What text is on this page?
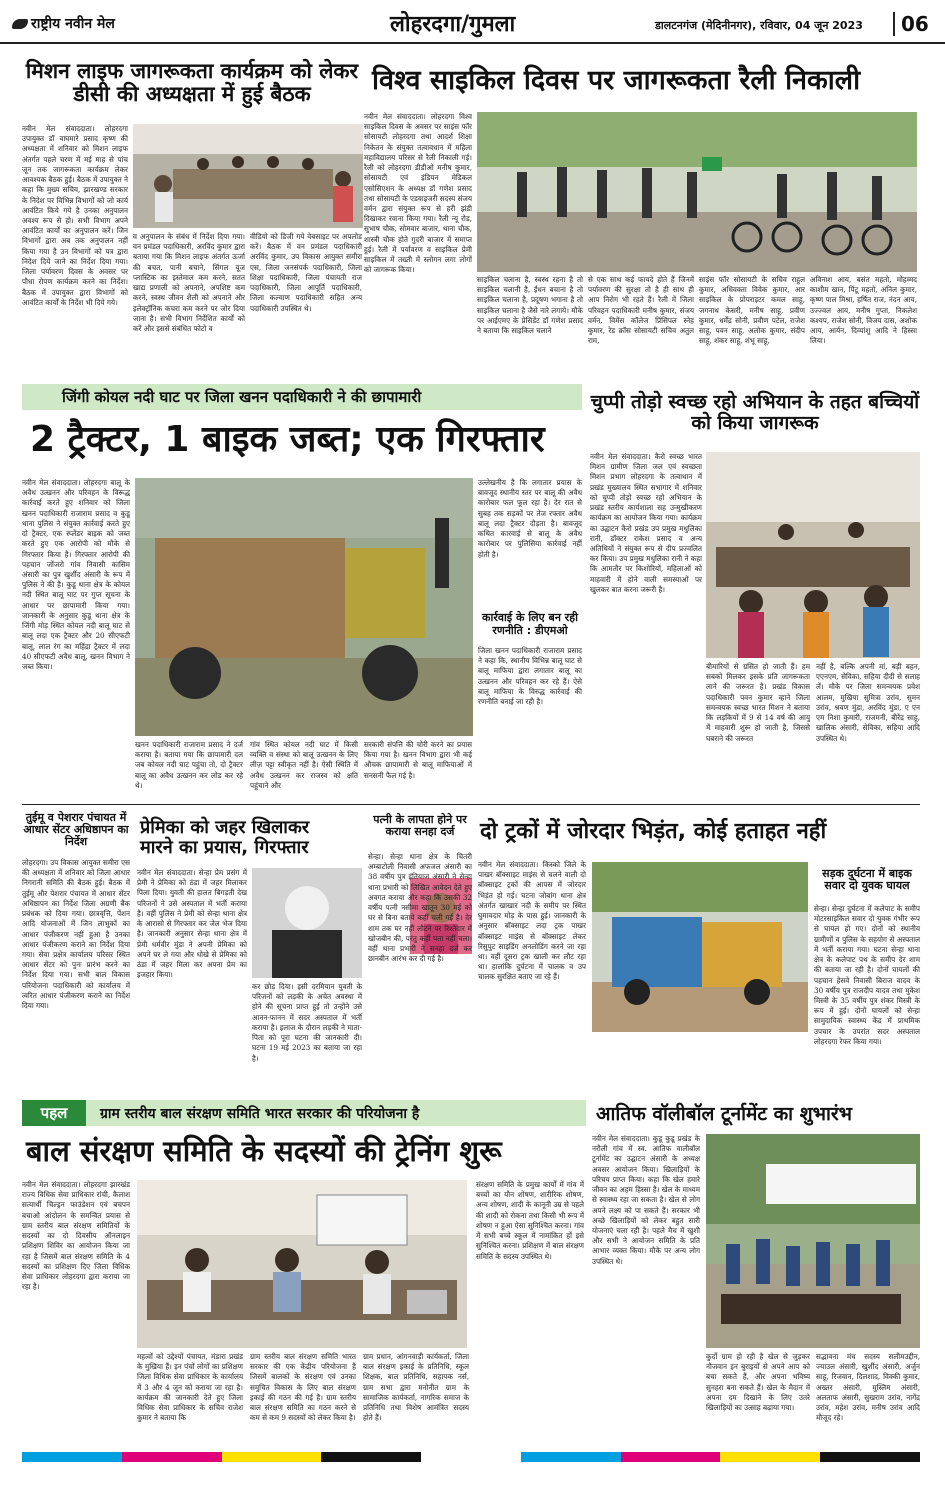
राष्ट्रीय नवीन मेल	लोहरदगा/गुमला	डालटनगंज (मेदिनीनगर), रविवार, 04 जून 2023	06
मिशन लाइफ जागरूकता कार्यक्रम को लेकर डीसी की अध्यक्षता में हुई बैठक
नवीन मेल संवाददाता। लोहरदगा उपायुक्त डॉ वाघमारे प्रसाद कृष्ण की अध्यक्षता में शनिवार को मिशन लाइफ अंतर्गत पहले चरण में मई माह से पांच जून तक जागरूकता कार्यक्रम लेकर आवश्यक बैठक हुई। बैठक में उपायुक्त ने कहा कि मुख्य सचिव, झारखण्ड सरकार के निदेश पर विभिन्न विभागों को जो कार्य आवंटित किये गये है उनका अनुपालन अवश्य रूप से हो। सभी विभाग अपने आवंटित कार्यों का अनुपालन करें। जिन विभागों द्वारा अब तक अनुपालन नहीं किया गया है उन विभागों को पत्र द्वारा निदेश दिये जाने का निर्देश दिया गया। जिला पर्यावरण दिवस के अवसर पर पौधा रोपण कार्यक्रम करने का निर्देश। बैठक में उपायुक्त द्वारा विभागों को आवंटित कार्यों के निर्देश भी दिये गये।
व अनुपालन के संबंध में निर्देश दिया गया। वन प्रमंडल पदाधिकारी, अरविंद कुमार द्वारा बताया गया कि मिशन लाइफ अंतर्गत ऊर्जा की बचत, पानी बचाने, सिंगल यूज प्लास्टिक का इस्तेमाल कम करने, सतत खाद्य प्रणाली को अपनाने, अपशिष्ट कम करने, स्वस्थ जीवन शैली को अपनाने और इलेक्ट्रॉनिक कचरा कम करने पर जोर दिया जाना है। सभी विभाग निर्देशित कार्यों को करें और इससे संबंधित फोटो व
वीडियो को डिजी गये वेबसाइट पर अपलोड करें। बैठक में वन प्रमंडल पदाधिकारी अरविंद कुमार, उप विकास आयुक्त समीरा एस, जिला जनसंपर्क पदाधिकारी, जिला शिक्षा पदाधिकारी, जिला पंचायती राज पदाधिकारी, जिला आपूर्ति पदाधिकारी, जिला कल्याण पदाधिकारी सहित अन्य पदाधिकारी उपस्थित थे।
विश्व साइकिल दिवस पर जागरूकता रैली निकाली
नवीन मेल संवाददाता। लोहरदगा विश्व साइकिल दिवस के अवसर पर साइंस फॉर सोसायटी लोहरदगा तथा आदर्श शिक्षा निकेतन के संयुक्त तत्वावधान में महिला महाविद्यालय परिसर से रैली निकाली गई। रैली को लोहरदगा डीडीओ मनीष कुमार, सोसायटी एवं इंडियन मेडिकल एसोसिएशन के अध्यक्ष डॉ गणेश प्रसाद तथा सोसायटी के एडवाइजरी सदस्य संजय वर्मन द्वारा संयुक्त रूप से हरी झंडी दिखाकर रवाना किया गया। रैली न्यू रोड, सुभाष चौक, सोमवार बाजार, थाना चौक, शास्त्री चौक होते गुदरी बाजार में समाप्त हुई। रैली में पर्यावरण व साइकिल प्रेमी साइकिल में तख्ती में स्लोगन लगा लोगों को जागरूक किया।
साइकिल चलाना है, स्वस्थ रहना है तो साइकिल चलानी है, ईंधन बचाना है तो साइकिल चलाना है, प्रदूषण भगाना है तो साइकिल चलाना है जैसे नारे लगाये। मौके पर आईएमए के प्रेसिडेंट डॉ गणेश प्रसाद ने बताया कि साइकिल चलाने
से एक साथ कई फायदे होते हैं जिनमें पर्यावरण की सुरक्षा तो है ही साथ ही आप निरोग भी रहते हैं। रैली में जिला परिवहन पदाधिकारी मनीष कुमार, संजय वर्मन, विमेंस कॉलेज प्रिंसिपल स्नेह कुमार, रेड क्रॉस सोसायटी सचिव अतुल राम,
साइंस फॉर सोसायटी के सचिव राहुल कुमार, अधिवक्ता विवेक कुमार, आर साइकिल के प्रोपराइटर कमल साहू, जगनाथ केसरी, मनीष साहू, प्रवीण कुमार, धर्मेंद्र सोनी, प्रवीण पटेल, राजेश साहू, पवन साहू, अलोक कुमार, संदीप साहू, शंकर साहू, शंभू साहू,
अविनाश आय, बसंत महतो, मोहम्मद काशीम खान, पिंटू महतो, अनिल कुमार, कृष्ण पाल मिश्रा, हर्षित राज, नंदन आय, उज्ज्वल आय, मनीष गुप्ता, निकलेश कश्यप, राजेश सोनी, विजय दास, अशोक आय, आर्यन, दिव्यांशु आदि ने हिस्सा लिया।
जिंगी कोयल नदी घाट पर जिला खनन पदाधिकारी ने की छापामारी
2 ट्रैक्टर, 1 बाइक जब्त; एक गिरफ्तार
नवीन मेल संवाददाता। लोहरदगा बालू के अवैध उत्खनन और परिवहन के विरूद्ध कार्रवाई करते हुए शनिवार को जिला खनन पदाधिकारी राजाराम प्रसाद व कुडू थाना पुलिस ने संयुक्त कार्रवाई करते हुए दो ट्रैक्टर, एक स्प्लेंडर बाइक को जब्त करते हुए एक आरोपी को मौके से गिरफ्तार किया है। गिरफ्तार आरोपी की पहचान जोंजरो गांव निवासी कासिम अंसारी का पुत्र खुर्शीद अंसारी के रूप में पुलिस ने की है। कुडू थाना क्षेत्र के कोयल नदी स्थित बालू घाट पर गुप्त सूचना के आधार पर छापामारी किया गया। जानकारी के अनुसार कुडू थाना क्षेत्र के जिंगी मोड़ स्थित कोयल नदी बालू घाट से बालू लदा एक ट्रैक्टर और 20 सीएफटी बालू, लाल रंग का महिंद्रा ट्रैक्टर में लदा 40 सीएफटी अवैध बालू, खनन विभाग ने जब्त किया।
खनन पदाधिकारी राजाराम प्रसाद ने दर्ज कराया है। बताया गया कि छापामारी दल जब कोयल नदी घाट पहुंचा तो, दो ट्रैक्टर बालू का अवैध उत्खनन कर लोड कर रहे थे।
गांव स्थित कोयल नदी घाट में किसी व्यक्ति व संस्था को बालू उत्खनन के लिए लीज़ पट्टा स्वीकृत नहीं है। ऐसी स्थिति में अवैध उत्खनन कर राजस्व को क्षति पहुंचाने और
सरकारी संपत्ति की चोरी करने का प्रयास किया गया है। खनन विभाग द्वारा भी कई औचक छापामारी से बालू माफियाओं में सनसनी फैल गई है।
उल्लेखनीय है कि लगातार प्रयास के बावजूद स्थानीय स्तर पर बालू की अवैध कारोबार फल फूल रहा है। देर रात से सुबह तक सड़कों पर तेज रफ्तार अवैध बालू लदा ट्रैक्टर दौड़ता है। बावजूद कथित कारवाई से बालू के अवैध कारोबार पर पुलिसिया कार्रवाई नहीं होती है।
कार्रवाई के लिए बन रही रणनीति : डीएमओ
जिला खनन पदाधिकारी राजाराम प्रसाद ने कहा कि, स्थानीय विभिन्न बालू घाट से बालू माफिया द्वारा लगातार बालू का उत्खनन और परिवहन कर रहे हैं। ऐसे बालू माफिया के विरुद्ध कार्रवाई की रणनीति बनाई जा रही है।
चुप्पी तोड़ो स्वच्छ रहो अभियान के तहत बच्चियों को किया जागरूक
नवीन मेल संवाददाता। कैरो स्वच्छ भारत मिशन ग्रामीण जिला जल एवं स्वच्छता मिशन प्रभाग लोहरदगा के तत्वाधान में प्रखंड मुख्यालय स्थित सभागार में शनिवार को चुप्पी तोड़ो स्वच्छ रहो अभियान के प्रखंड स्तरीय कार्यशाला सह उन्मुखीकरण कार्यक्रम का आयोजन किया गया। कार्यक्रम का उद्घाटन कैरो प्रखंड उप प्रमुख मधुलिका रानी, डॉक्टर राकेश प्रसाद व अन्य अतिथियों ने संयुक्त रूप से दीप प्रज्वलित कर किया। उप प्रमुख मधुलिका रानी ने कहा कि आमतौर पर किशोरियों, महिलाओं को माहवारी में होने वाली समस्याओं पर खुलकर बात करना जरूरी है।
बीमारियों से ग्रसित हो जाती हैं। हम सबको मिलकर इसके प्रति जागरूकता लाने की जरूरत है। प्रखंड विकास पदाधिकारी पवन कुमार व्हाने जिला समन्वयक स्वच्छ भारत मिशन ने बताया कि लड़कियों में 9 से 14 वर्ष की आयु में माहवारी शुरू हो जाती है, जिससे घबराने की जरूरत
नहीं है, बल्कि अपनी मां, बड़ी बहन, एएनएम, सेविका, सहिया दीदी से सलाह लें। मौके पर जिला समन्वयक प्रवेश आलम, मुखिया सुमित्रा उरांव, सुमन उरांव, श्रवण मुंडा, अरविंद मुंडा, ए एन एम निशा कुमारी, राजमनी, बीरेंद्र साहू, खालिक अंसारी, सेविका, सहिया आदि उपस्थित थे।
तुईमू व पेशरार पंचायत में आधार सेंटर अधिष्ठापन का निर्देश
लोहरदगा। उप विकास आयुक्त समीरा एस की अध्यक्षता में शनिवार को जिला आधार निगरानी समिति की बैठक हुई। बैठक में तुईमू और पेशरार पंचायत में आधार सेंटर अधिष्ठापन का निर्देश जिला अग्रणी बैंक प्रबंधक को दिया गया। छात्रवृत्ति, पेंशन आदि योजनाओं में जिन लाभुकों का आधार पंजीकरण नहीं हुआ है उनका आधार पंजीकरण कराने का निर्देश दिया गया। सेवा प्रक्षेत्र कार्यालय परिसर स्थित आधार सेंटर को पुनः प्रारंभ करने का निर्देश दिया गया। सभी बाल विकास परियोजना पदाधिकारी को कार्यालय में त्वरित आधार पंजीकरण कराने का निर्देश दिया गया।
प्रेमिका को जहर खिलाकर मारने का प्रयास, गिरफ्तार
नवीन मेल संवाददाता। सेन्हा प्रेम प्रसंग में प्रेमी ने प्रेमिका को ठंडा में जहर मिलाकर पिला दिया। युवती की हालत बिगड़ती देख परिजनों ने उसे अस्पताल में भर्ती कराया है। वहीं पुलिस ने प्रेमी को सेन्हा थाना क्षेत्र के आरासो से गिरफ्तार कर जेल भेज दिया है। जानकारी अनुसार सेन्हा थाना क्षेत्र में प्रेमी धर्मवीर मुंडा ने अपनी प्रेमिका को अपने घर ले गया और धोखे से प्रेमिका को ठंडा में जहर मिला कर अपना प्रेम का इजहार किया।
कर छोड़ दिया। इसी दरमियान युवती के परिजनों को लड़की के अचेत अवस्था में होने की सूचना प्राप्त हुई तो उन्होंने उसे आनन-फानन में सदर अस्पताल में भर्ती कराया है। इलाज के दौरान लड़की ने माता-पिता को पूरा घटना की जानकारी दी। घटना 19 मई 2023 का बताया जा रहा है।
पत्नी के लापता होने पर कराया सनहा दर्ज
सेन्हा। सेन्हा थाना क्षेत्र के चितरी अम्बाटोली निवासी अफजल अंसारी का 38 वर्षीय पुत्र इंतियाज अंसारी ने सेन्हा थाना प्रभारी को लिखित आवेदन देते हुए अवगत कराया और कहा कि उसकी 32 वर्षीय पत्नी नसीमा खातून 30 मई को घर से बिना बताये कहीं चली गई है। देर शाम तक घर नहीं लौटने पर रिश्तेदार में खोजबीन की, परंतु कहीं पता नहीं चला। वहीं थाना प्रभारी ने सनहा दर्ज कर छानबीन आरंभ कर दी गई है।
दो ट्रकों में जोरदार भिड़ंत, कोई हताहत नहीं
नवीन मेल संवाददाता। किस्को जिले के पाखर बॉक्साइट माइंस से चलने वाली दो बॉक्साइट ट्रकों की आपस में जोरदार भिड़ंत हो गई। घटना जोबांग थाना क्षेत्र अंतर्गत खाखार नदी के समीप पर स्थित घुमावदार मोड़ के पास हुई। जानकारी के अनुसार बॉक्साइट लदा ट्रक पाखर बॉक्साइट माइंस से बॉक्साइट लेकर रिसुपुट साइडिंग अनलोडिंग करने जा रहा था। वहीं दूसरा ट्रक खाली कर लौट रहा था। हालांकि दुर्घटना में चालक व उप चालक सुरक्षित बताए जा रहे हैं।
सड़क दुर्घटना में बाइक सवार दो युवक घायल
सेन्हा। सेन्हा दुर्घटना में कलेपाट के समीप मोटरसाइकिल सवार दो युवक गंभीर रूप से घायल हो गए। दोनों को स्थानीय ग्रामीणों व पुलिस के सहयोग से अस्पताल में भर्ती कराया गया। घटना सेन्हा थाना क्षेत्र के कलेपाट पथ के समीप देर शाम की बताया जा रही है। दोनों घायलों की पहचान हेसवे निवासी बिराज वादव के 30 वर्षीय पुत्र राजदीप यादव तथा मुकेश मिस्त्री के 35 वर्षीय पुत्र शंकर मिस्त्री के रूप में हुई। दोनों घायलों को सेन्हा सामुदायिक स्वास्थ्य केंद्र में प्राथमिक उपचार के उपरांत सदर अस्पताल लोहरदगा रेफर किया गया।
पहल	ग्राम स्तरीय बाल संरक्षण समिति भारत सरकार की परियोजना है
बाल संरक्षण समिति के सदस्यों की ट्रेनिंग शुरू
नवीन मेल संवाददाता। लोहरदगा झारखंड राज्य विधिक सेवा प्राधिकार रांची, कैलाश सत्यार्थी चिल्ड्रन फाउंडेशन एवं बचपन बचाओ आंदोलन के समन्वित प्रयास से ग्राम स्तरीय बाल संरक्षण समितियों के सदस्यों का दो दिवसीय ऑनलाइन प्रशिक्षण शिविर का आयोजन किया जा रहा है जिसमें बाल संरक्षण समिति के 4 सदस्यों का प्रशिक्षण दिए जिला विधिक सेवा प्राधिकार लोहरदगा द्वारा कराया जा रहा है।
महत्वों को उद्देश्यों पंचायत, मंडारा प्रखंड के मुखिया हैं। इन पंचों लोगों का प्रशिक्षण जिला विधिक सेवा प्राधिकार के कार्यालय में 3 और 4 जून को कराया जा रहा है। कार्यक्रम की जानकारी देते हुए जिला विधिक सेवा प्राधिकार के सचिव राजेश कुमार ने बताया कि
ग्राम स्तरीय बाल संरक्षण समिति भारत सरकार की एक केंद्रीय परियोजना है जिसमें बालकों के संरक्षण एवं उनका समुचित विकास के लिए बाल संरक्षण इकाई की गठन की गई है। ग्राम स्तरीय बाल संरक्षण समिति का गठन करने से कम से कम 9 सदस्यों को लेकर किया है।
ग्राम प्रधान, आंगनवाड़ी कार्यकर्ता, जिला बाल संरक्षण इकाई के प्रतिनिधि, स्कूल शिक्षक, बाल प्रतिनिधि, सहायक नर्स, ग्राम सभा द्वारा मनोनीत ग्राम के सामाजिक कार्यकर्ता, नागरिक समाज के प्रतिनिधि तथा विशेष आमंत्रित सदस्य होते हैं।
संरक्षण समिति के प्रमुख कार्यों में गांव में बच्चों का यौन शोषण, शारीरिक शोषण, अन्य शोषण, शादी के कानूनी उम्र से पहले की शादी को रोकना तथा किसी भी रूप में शोषण न हुआ ऐसा सुनिश्चित करना। गांव में सभी बच्चे स्कूल में नामांकित हों इसे सुनिश्चित करना। प्रशिक्षण में बाल संरक्षण समिति के सदस्य उपस्थित थे।
आतिफ वॉलीबॉल टूर्नामेंट का शुभारंभ
नवीन मेल संवाददाता। कुडू कुडू प्रखंड के नरौली गांव में स्व. आतिफ वालीबॉल टूर्नामेंट का उद्घाटन अंसारी के अध्यक्ष अवसर आयोजन किया। खिलाड़ियों के परिचय प्राप्त किया। कहा कि खेल हमारे जीवन का अहम हिस्सा है। खेल के माध्यम से स्वास्थ्य रहा जा सकता है। खेल से लोग अपने लक्ष्य को पा सकते हैं। सरकार भी अच्छे खिलाड़ियों को लेकर बहुत सारी योजनाएं चला रही है। पहले मैच में खुशी और सभी ने आयोजन समिति के प्रति आभार व्यक्त किया। मौके पर अन्य लोग उपस्थित थे।
कुर्दो ग्राम हो रही है खेल से जुड़कर नौजवान इन बुराइयों से अपने आप को बचा सकते हैं, और अपना भविष्य सुनहरा बना सकते हैं। खेल के मैदान में अपना दम दिखाने के लिए उतरे खिलाड़ियों का उत्साह बढ़ाया गया।
सद्भावना मंच सदस्य सलीमउद्दीन, ज्याउल अंसारी, खुर्शीद अंसारी, अर्जुन साहू, रिजवान, दिलशाद, विक्की कुमार, अख्तर अंसारी, मुस्लिम अंसारी, अलताफ अंसारी, सुखराम उरांव, नागेंद्र उरांव, महेश उरांव, मनीष उरांव आदि मौजूद रहे।
